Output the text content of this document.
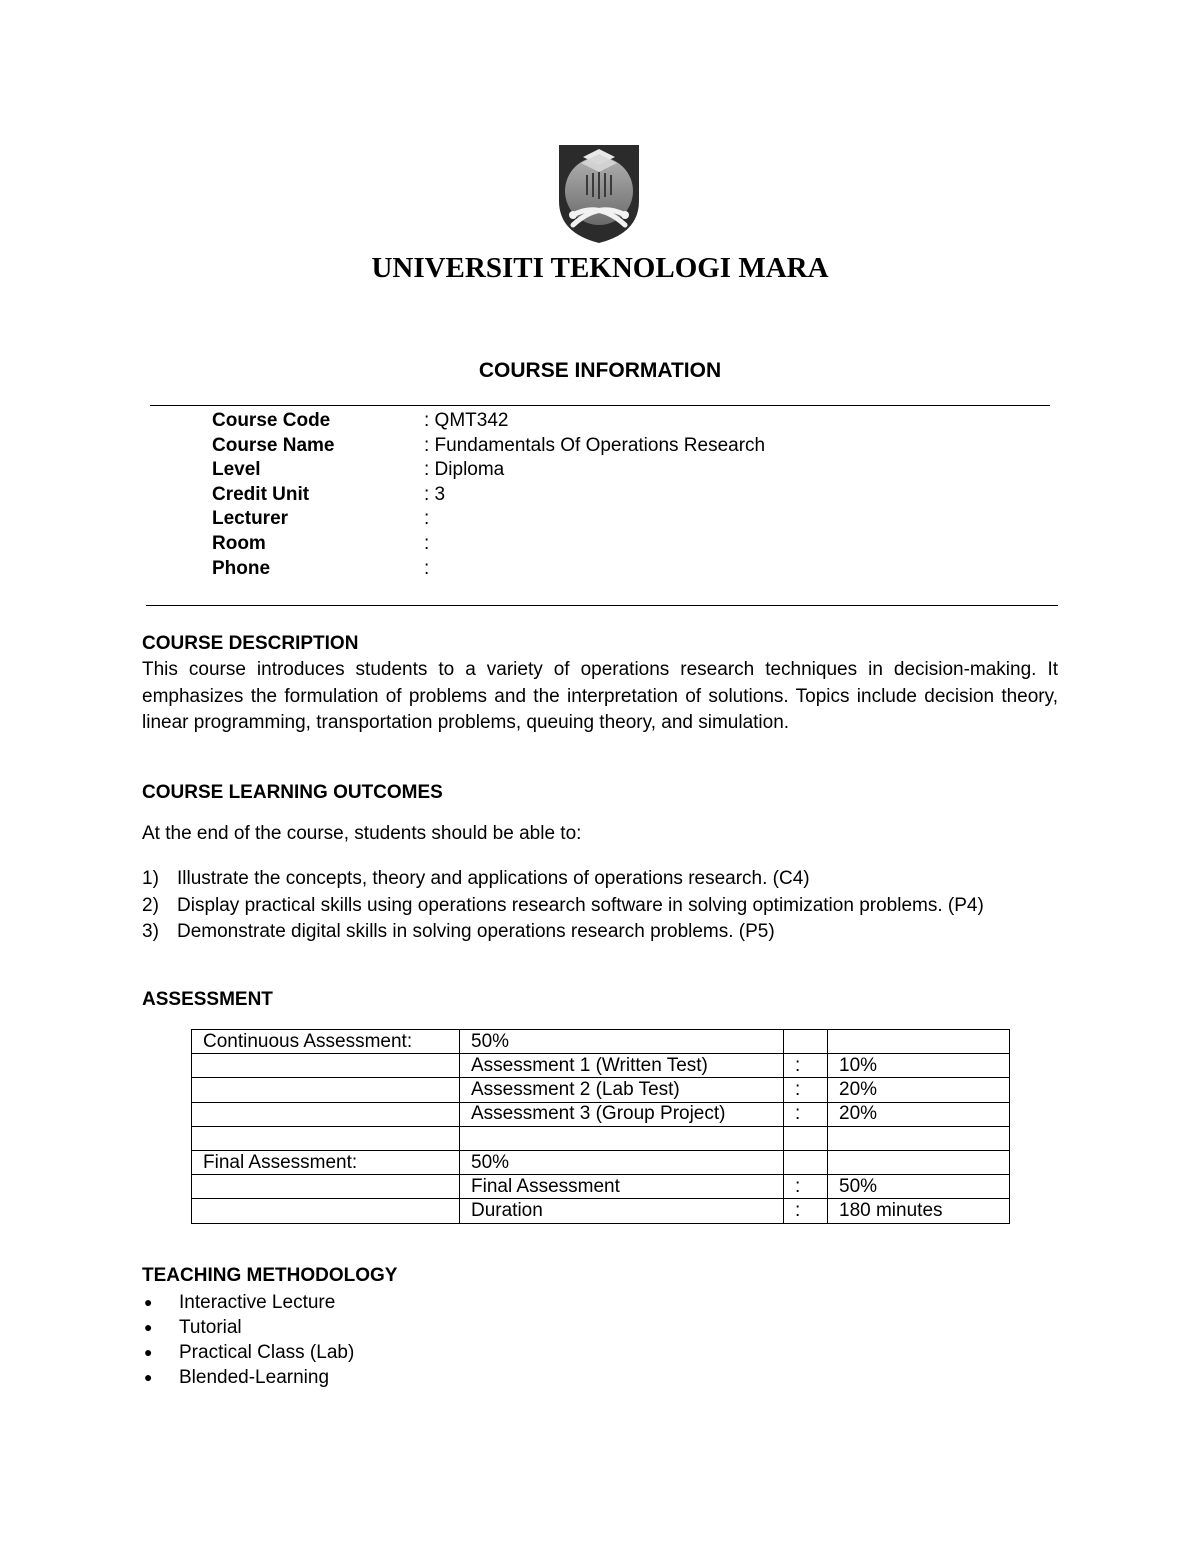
UNIVERSITI TEKNOLOGI MARA
COURSE INFORMATION
Course Code	: QMT342
Course Name	: Fundamentals Of Operations Research
Level	: Diploma
Credit Unit	: 3
Lecturer	:
Room	:
Phone	:
COURSE DESCRIPTION
This course introduces students to a variety of operations research techniques in decision-making. It emphasizes the formulation of problems and the interpretation of solutions. Topics include decision theory, linear programming, transportation problems, queuing theory, and simulation.
COURSE LEARNING OUTCOMES
At the end of the course, students should be able to:
1) Illustrate the concepts, theory and applications of operations research. (C4)
2) Display practical skills using operations research software in solving optimization problems. (P4)
3) Demonstrate digital skills in solving operations research problems. (P5)
ASSESSMENT
Continuous Assessment:	50%		
	Assessment 1 (Written Test)	:	10%
	Assessment 2 (Lab Test)	:	20%
	Assessment 3 (Group Project)	:	20%

Final Assessment:	50%		
	Final Assessment	:	50%
	Duration	:	180 minutes
TEACHING METHODOLOGY
●	Interactive Lecture
●	Tutorial
●	Practical Class (Lab)
●	Blended-Learning
